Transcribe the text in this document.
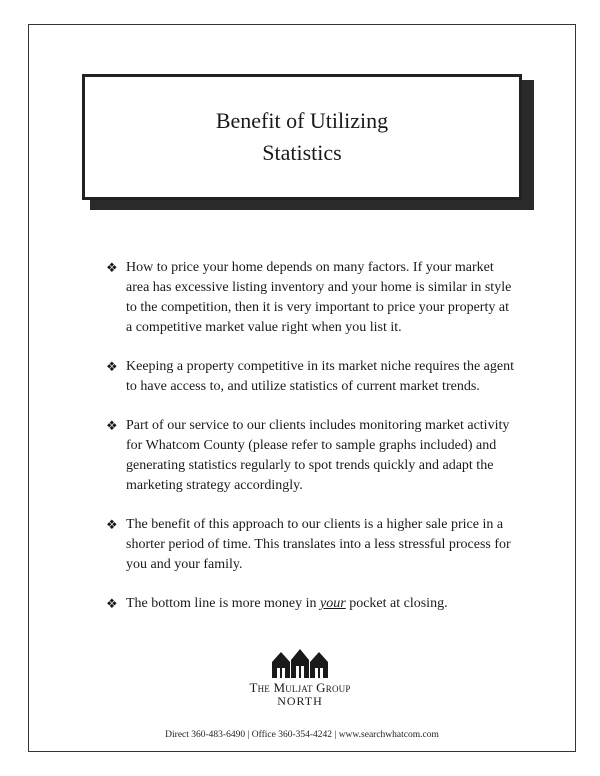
Benefit of Utilizing
Statistics
❖ How to price your home depends on many factors. If your market area has excessive listing inventory and your home is similar in style to the competition, then it is very important to price your property at a competitive market value right when you list it.
❖ Keeping a property competitive in its market niche requires the agent to have access to, and utilize statistics of current market trends.
❖ Part of our service to our clients includes monitoring market activity for Whatcom County (please refer to sample graphs included) and generating statistics regularly to spot trends quickly and adapt the marketing strategy accordingly.
❖ The benefit of this approach to our clients is a higher sale price in a shorter period of time. This translates into a less stressful process for you and your family.
❖ The bottom line is more money in your pocket at closing.
The Muljat Group
NORTH
Direct 360-483-6490 | Office 360-354-4242 | www.searchwhatcom.com
